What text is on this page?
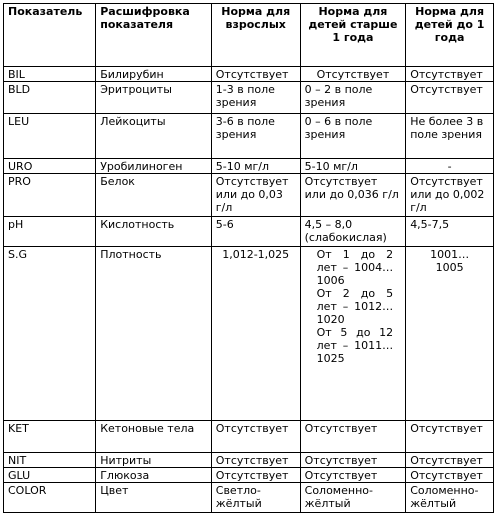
Показатель	Расшифровка показателя	Норма для взрослых	Норма для детей старше 1 года	Норма для детей до 1 года
BIL	Билирубин	Отсутствует	Отсутствует	Отсутствует
BLD	Эритроциты	1-3 в поле зрения	0 – 2 в поле зрения	Отсутствует
LEU	Лейкоциты	3-6 в поле зрения	0 – 6 в поле зрения	Не более 3 в поле зрения
URO	Уробилиноген	5-10 мг/л	5-10 мг/л	-
PRO	Белок	Отсутствует или до 0,03 г/л	Отсутствует или до 0,036 г/л	Отсутствует или до 0,002 г/л
pH	Кислотность	5-6	4,5 – 8,0 (слабокислая)	4,5-7,5
S.G	Плотность	1,012-1,025	От 1 до 2 лет – 1004…1006
От 2 до 5 лет – 1012… 1020
От 5 до 12 лет – 1011… 1025	1001…1005
KET	Кетоновые тела	Отсутствует	Отсутствует	Отсутствует
NIT	Нитриты	Отсутствует	Отсутствует	Отсутствует
GLU	Глюкоза	Отсутствует	Отсутствует	Отсутствует
COLOR	Цвет	Светло-жёлтый	Соломенно-жёлтый	Соломенно-жёлтый
